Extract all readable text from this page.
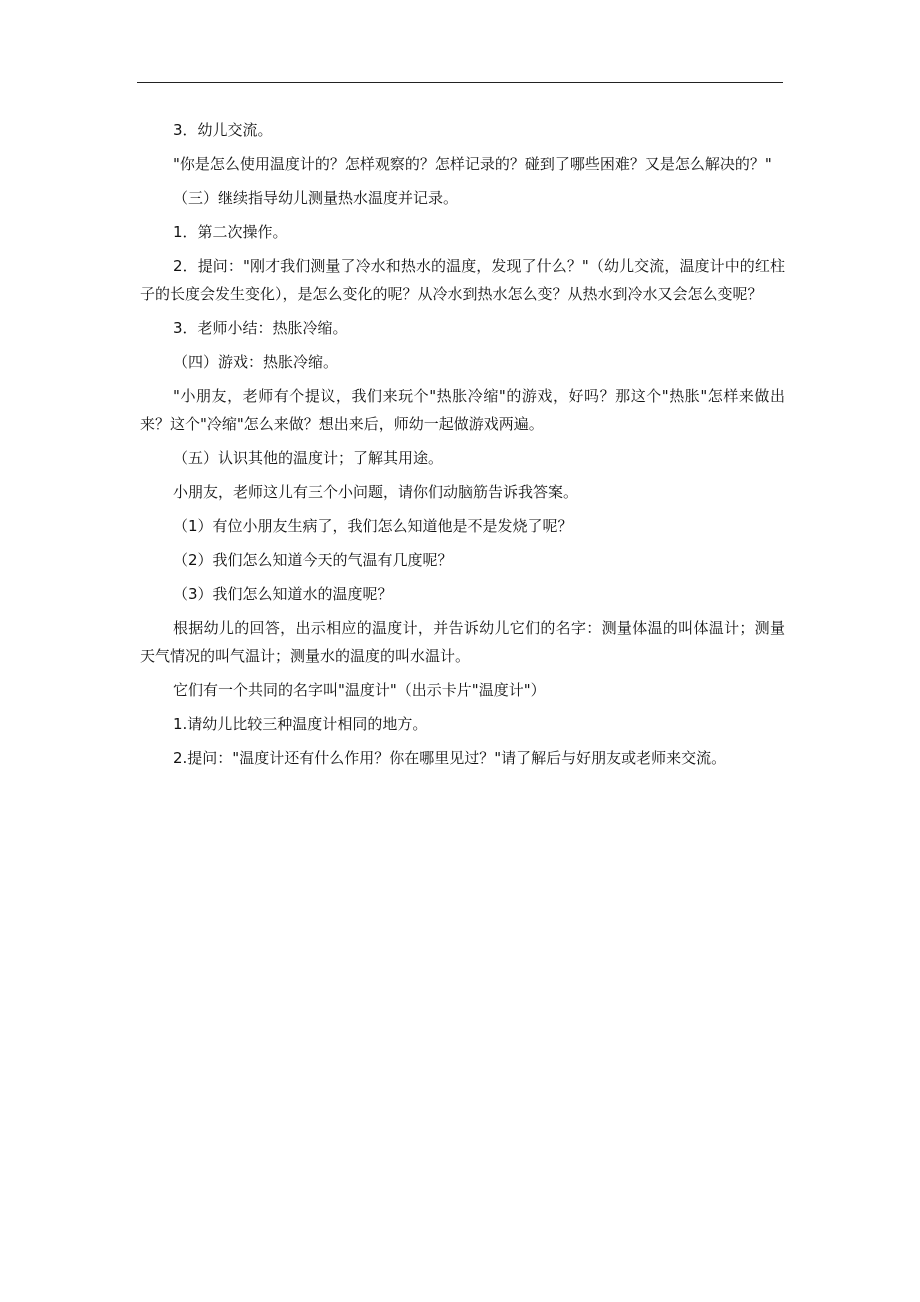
3．幼儿交流。

"你是怎么使用温度计的？怎样观察的？怎样记录的？碰到了哪些困难？又是怎么解决的？"

（三）继续指导幼儿测量热水温度并记录。

1．第二次操作。

2．提问："刚才我们测量了冷水和热水的温度，发现了什么？"（幼儿交流，温度计中的红柱子的长度会发生变化），是怎么变化的呢？从冷水到热水怎么变？从热水到冷水又会怎么变呢？

3．老师小结：热胀冷缩。

（四）游戏：热胀冷缩。

"小朋友，老师有个提议，我们来玩个"热胀冷缩"的游戏，好吗？那这个"热胀"怎样来做出来？这个"冷缩"怎么来做？想出来后，师幼一起做游戏两遍。

（五）认识其他的温度计；了解其用途。

小朋友，老师这儿有三个小问题，请你们动脑筋告诉我答案。

（1）有位小朋友生病了，我们怎么知道他是不是发烧了呢？

（2）我们怎么知道今天的气温有几度呢？

（3）我们怎么知道水的温度呢？

根据幼儿的回答，出示相应的温度计，并告诉幼儿它们的名字：测量体温的叫体温计；测量天气情况的叫气温计；测量水的温度的叫水温计。

它们有一个共同的名字叫"温度计"（出示卡片"温度计"）

1.请幼儿比较三种温度计相同的地方。

2.提问："温度计还有什么作用？你在哪里见过？"请了解后与好朋友或老师来交流。
